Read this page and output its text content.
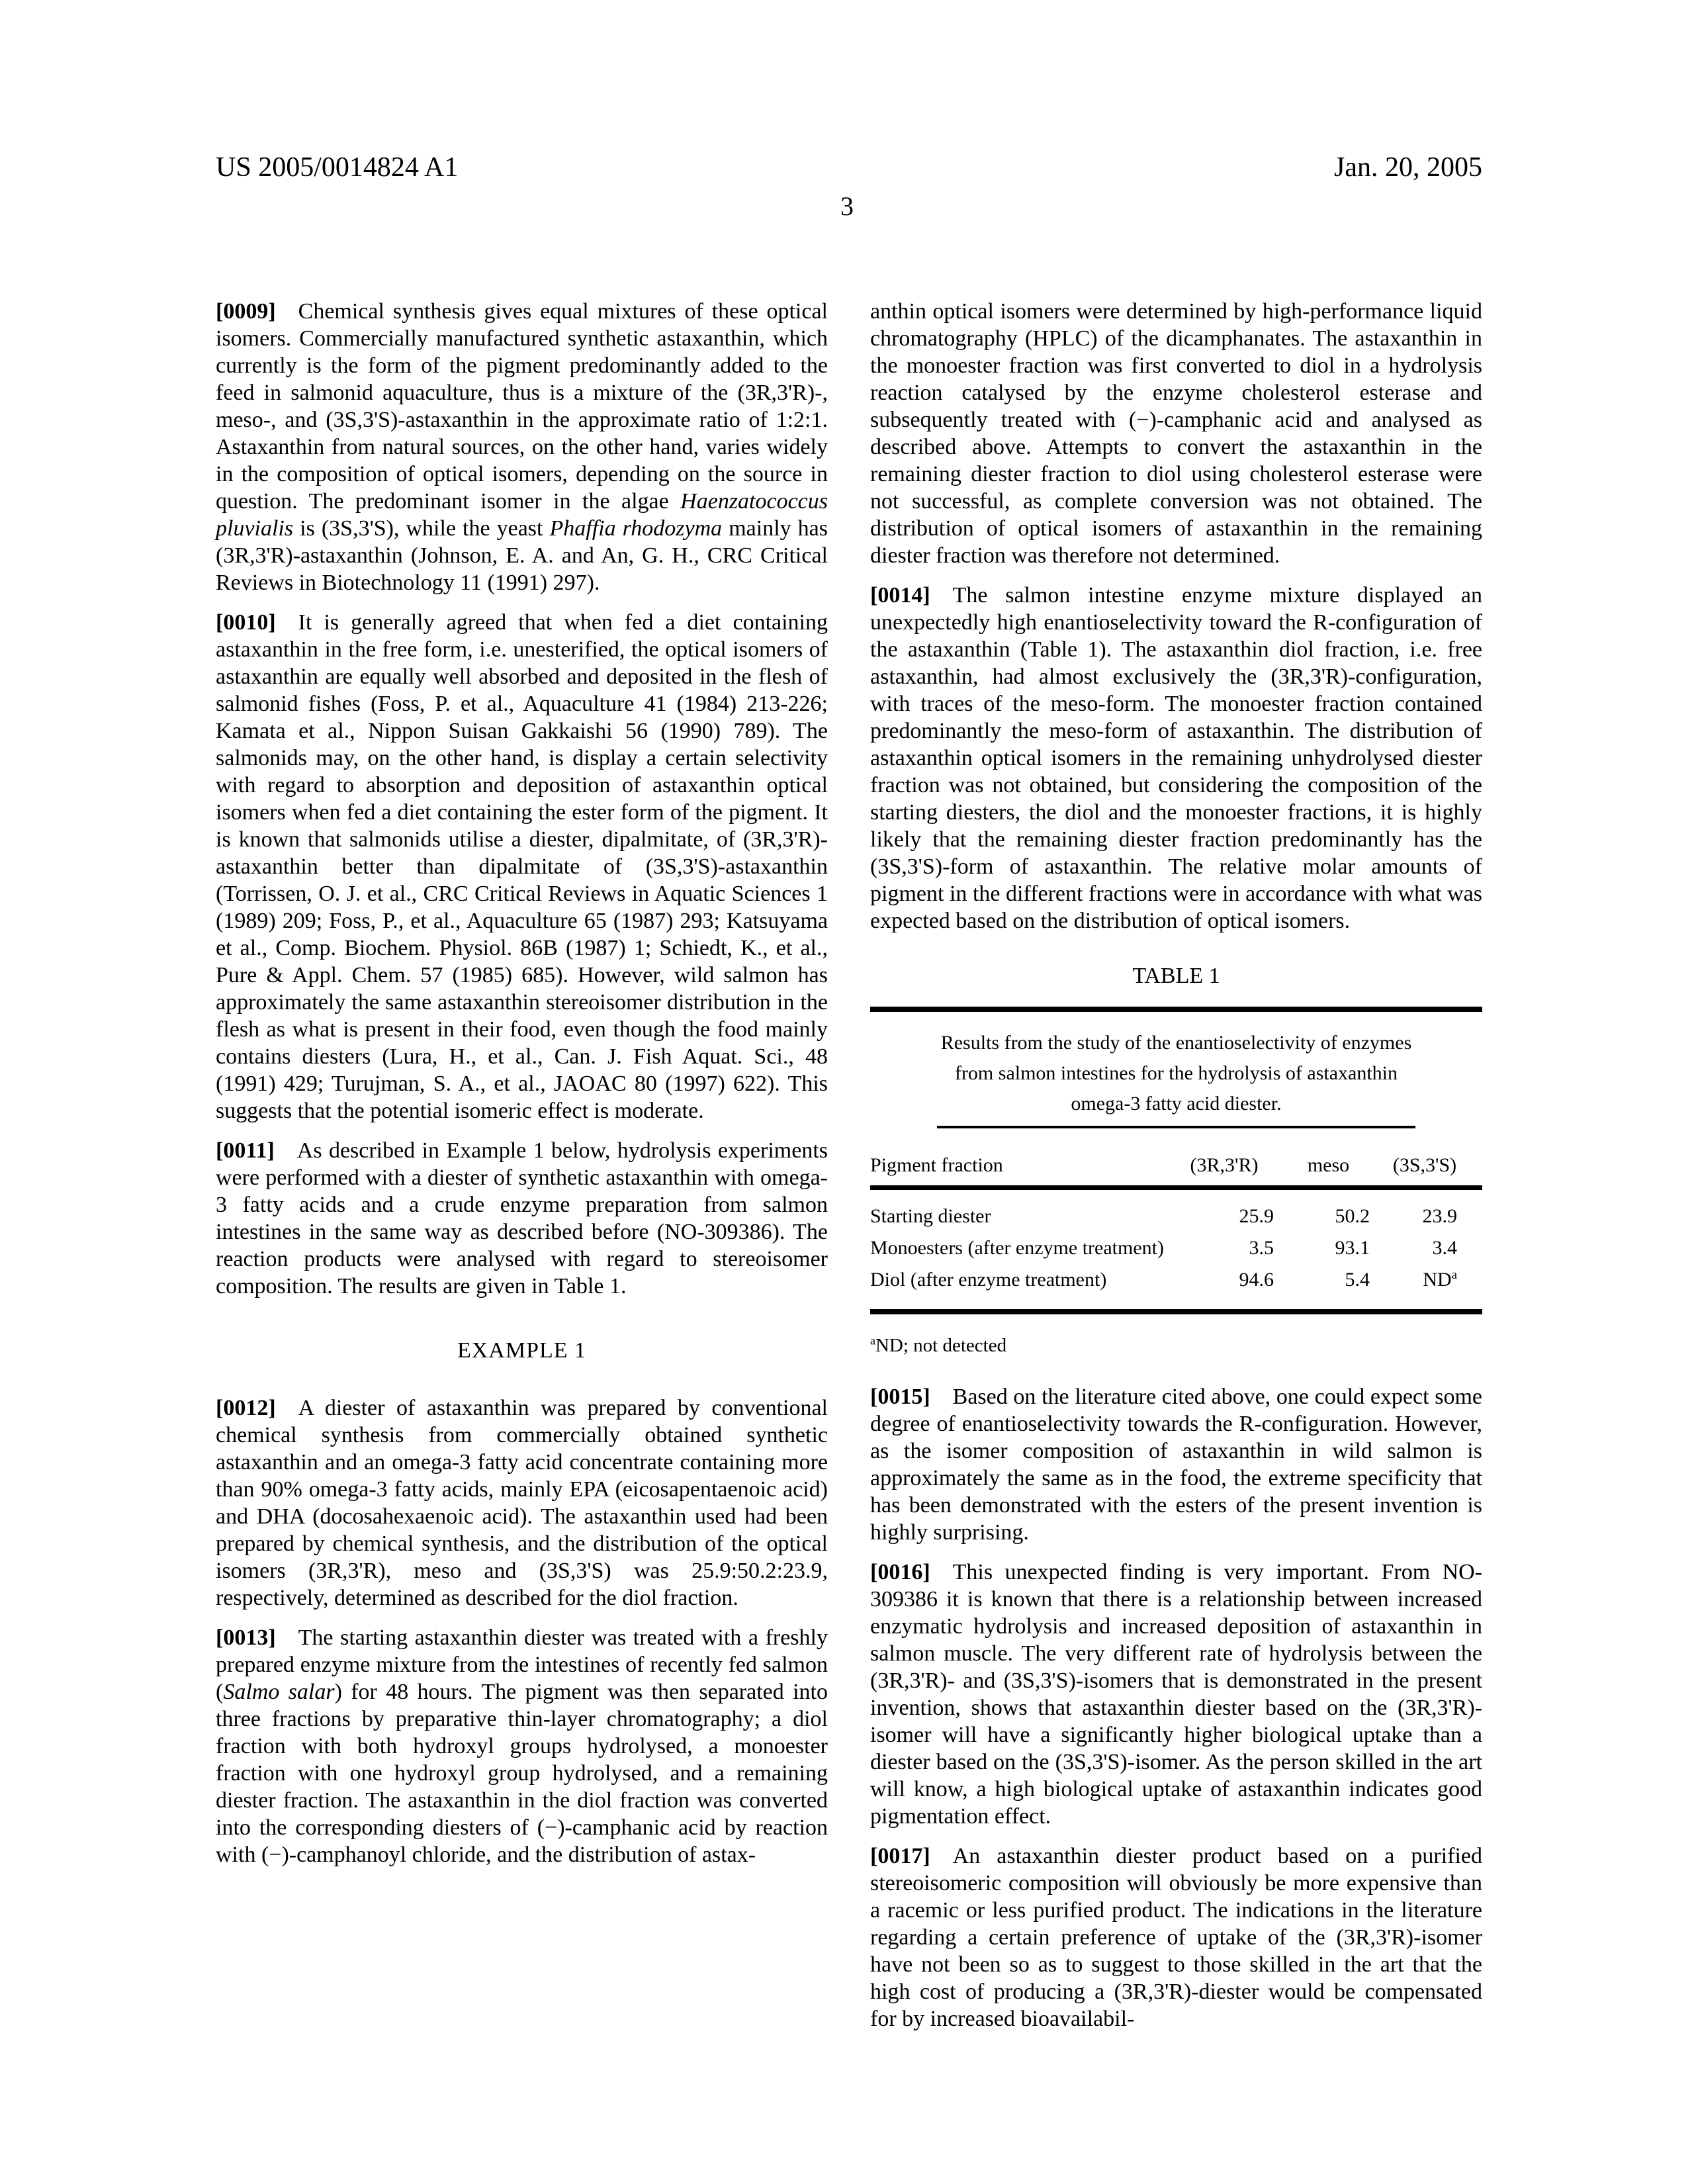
US 2005/0014824 A1	Jan. 20, 2005
3

[0009] Chemical synthesis gives equal mixtures of these optical isomers. Commercially manufactured synthetic astaxanthin, which currently is the form of the pigment predominantly added to the feed in salmonid aquaculture, thus is a mixture of the (3R,3'R)-, meso-, and (3S,3'S)-astaxanthin in the approximate ratio of 1:2:1. Astaxanthin from natural sources, on the other hand, varies widely in the composition of optical isomers, depending on the source in question. The predominant isomer in the algae Haenzatococcus pluvialis is (3S,3'S), while the yeast Phaffia rhodozyma mainly has (3R,3'R)-astaxanthin (Johnson, E. A. and An, G. H., CRC Critical Reviews in Biotechnology 11 (1991) 297).

[0010] It is generally agreed that when fed a diet containing astaxanthin in the free form, i.e. unesterified, the optical isomers of astaxanthin are equally well absorbed and deposited in the flesh of salmonid fishes (Foss, P. et al., Aquaculture 41 (1984) 213-226; Kamata et al., Nippon Suisan Gakkaishi 56 (1990) 789). The salmonids may, on the other hand, is display a certain selectivity with regard to absorption and deposition of astaxanthin optical isomers when fed a diet containing the ester form of the pigment. It is known that salmonids utilise a diester, dipalmitate, of (3R,3'R)-astaxanthin better than dipalmitate of (3S,3'S)-astaxanthin (Torrissen, O. J. et al., CRC Critical Reviews in Aquatic Sciences 1 (1989) 209; Foss, P., et al., Aquaculture 65 (1987) 293; Katsuyama et al., Comp. Biochem. Physiol. 86B (1987) 1; Schiedt, K., et al., Pure & Appl. Chem. 57 (1985) 685). However, wild salmon has approximately the same astaxanthin stereoisomer distribution in the flesh as what is present in their food, even though the food mainly contains diesters (Lura, H., et al., Can. J. Fish Aquat. Sci., 48 (1991) 429; Turujman, S. A., et al., JAOAC 80 (1997) 622). This suggests that the potential isomeric effect is moderate.

[0011] As described in Example 1 below, hydrolysis experiments were performed with a diester of synthetic astaxanthin with omega-3 fatty acids and a crude enzyme preparation from salmon intestines in the same way as described before (NO-309386). The reaction products were analysed with regard to stereoisomer composition. The results are given in Table 1.

EXAMPLE 1

[0012] A diester of astaxanthin was prepared by conventional chemical synthesis from commercially obtained synthetic astaxanthin and an omega-3 fatty acid concentrate containing more than 90% omega-3 fatty acids, mainly EPA (eicosapentaenoic acid) and DHA (docosahexaenoic acid). The astaxanthin used had been prepared by chemical synthesis, and the distribution of the optical isomers (3R,3'R), meso and (3S,3'S) was 25.9:50.2:23.9, respectively, determined as described for the diol fraction.

[0013] The starting astaxanthin diester was treated with a freshly prepared enzyme mixture from the intestines of recently fed salmon (Salmo salar) for 48 hours. The pigment was then separated into three fractions by preparative thin-layer chromatography; a diol fraction with both hydroxyl groups hydrolysed, a monoester fraction with one hydroxyl group hydrolysed, and a remaining diester fraction. The astaxanthin in the diol fraction was converted into the corresponding diesters of (−)-camphanic acid by reaction with (−)-camphanoyl chloride, and the distribution of astax-

anthin optical isomers were determined by high-performance liquid chromatography (HPLC) of the dicamphanates. The astaxanthin in the monoester fraction was first converted to diol in a hydrolysis reaction catalysed by the enzyme cholesterol esterase and subsequently treated with (−)-camphanic acid and analysed as described above. Attempts to convert the astaxanthin in the remaining diester fraction to diol using cholesterol esterase were not successful, as complete conversion was not obtained. The distribution of optical isomers of astaxanthin in the remaining diester fraction was therefore not determined.

[0014] The salmon intestine enzyme mixture displayed an unexpectedly high enantioselectivity toward the R-configuration of the astaxanthin (Table 1). The astaxanthin diol fraction, i.e. free astaxanthin, had almost exclusively the (3R,3'R)-configuration, with traces of the meso-form. The monoester fraction contained predominantly the meso-form of astaxanthin. The distribution of astaxanthin optical isomers in the remaining unhydrolysed diester fraction was not obtained, but considering the composition of the starting diesters, the diol and the monoester fractions, it is highly likely that the remaining diester fraction predominantly has the (3S,3'S)-form of astaxanthin. The relative molar amounts of pigment in the different fractions were in accordance with what was expected based on the distribution of optical isomers.

TABLE 1
Results from the study of the enantioselectivity of enzymes
from salmon intestines for the hydrolysis of astaxanthin
omega-3 fatty acid diester.
Pigment fraction	(3R,3'R)	meso	(3S,3'S)
Starting diester	25.9	50.2	23.9
Monoesters (after enzyme treatment)	3.5	93.1	3.4
Diol (after enzyme treatment)	94.6	5.4	$ND^a$
$^a$ND; not detected

[0015] Based on the literature cited above, one could expect some degree of enantioselectivity towards the R-configuration. However, as the isomer composition of astaxanthin in wild salmon is approximately the same as in the food, the extreme specificity that has been demonstrated with the esters of the present invention is highly surprising.

[0016] This unexpected finding is very important. From NO-309386 it is known that there is a relationship between increased enzymatic hydrolysis and increased deposition of astaxanthin in salmon muscle. The very different rate of hydrolysis between the (3R,3'R)- and (3S,3'S)-isomers that is demonstrated in the present invention, shows that astaxanthin diester based on the (3R,3'R)-isomer will have a significantly higher biological uptake than a diester based on the (3S,3'S)-isomer. As the person skilled in the art will know, a high biological uptake of astaxanthin indicates good pigmentation effect.

[0017] An astaxanthin diester product based on a purified stereoisomeric composition will obviously be more expensive than a racemic or less purified product. The indications in the literature regarding a certain preference of uptake of the (3R,3'R)-isomer have not been so as to suggest to those skilled in the art that the high cost of producing a (3R,3'R)-diester would be compensated for by increased bioavailabil-
